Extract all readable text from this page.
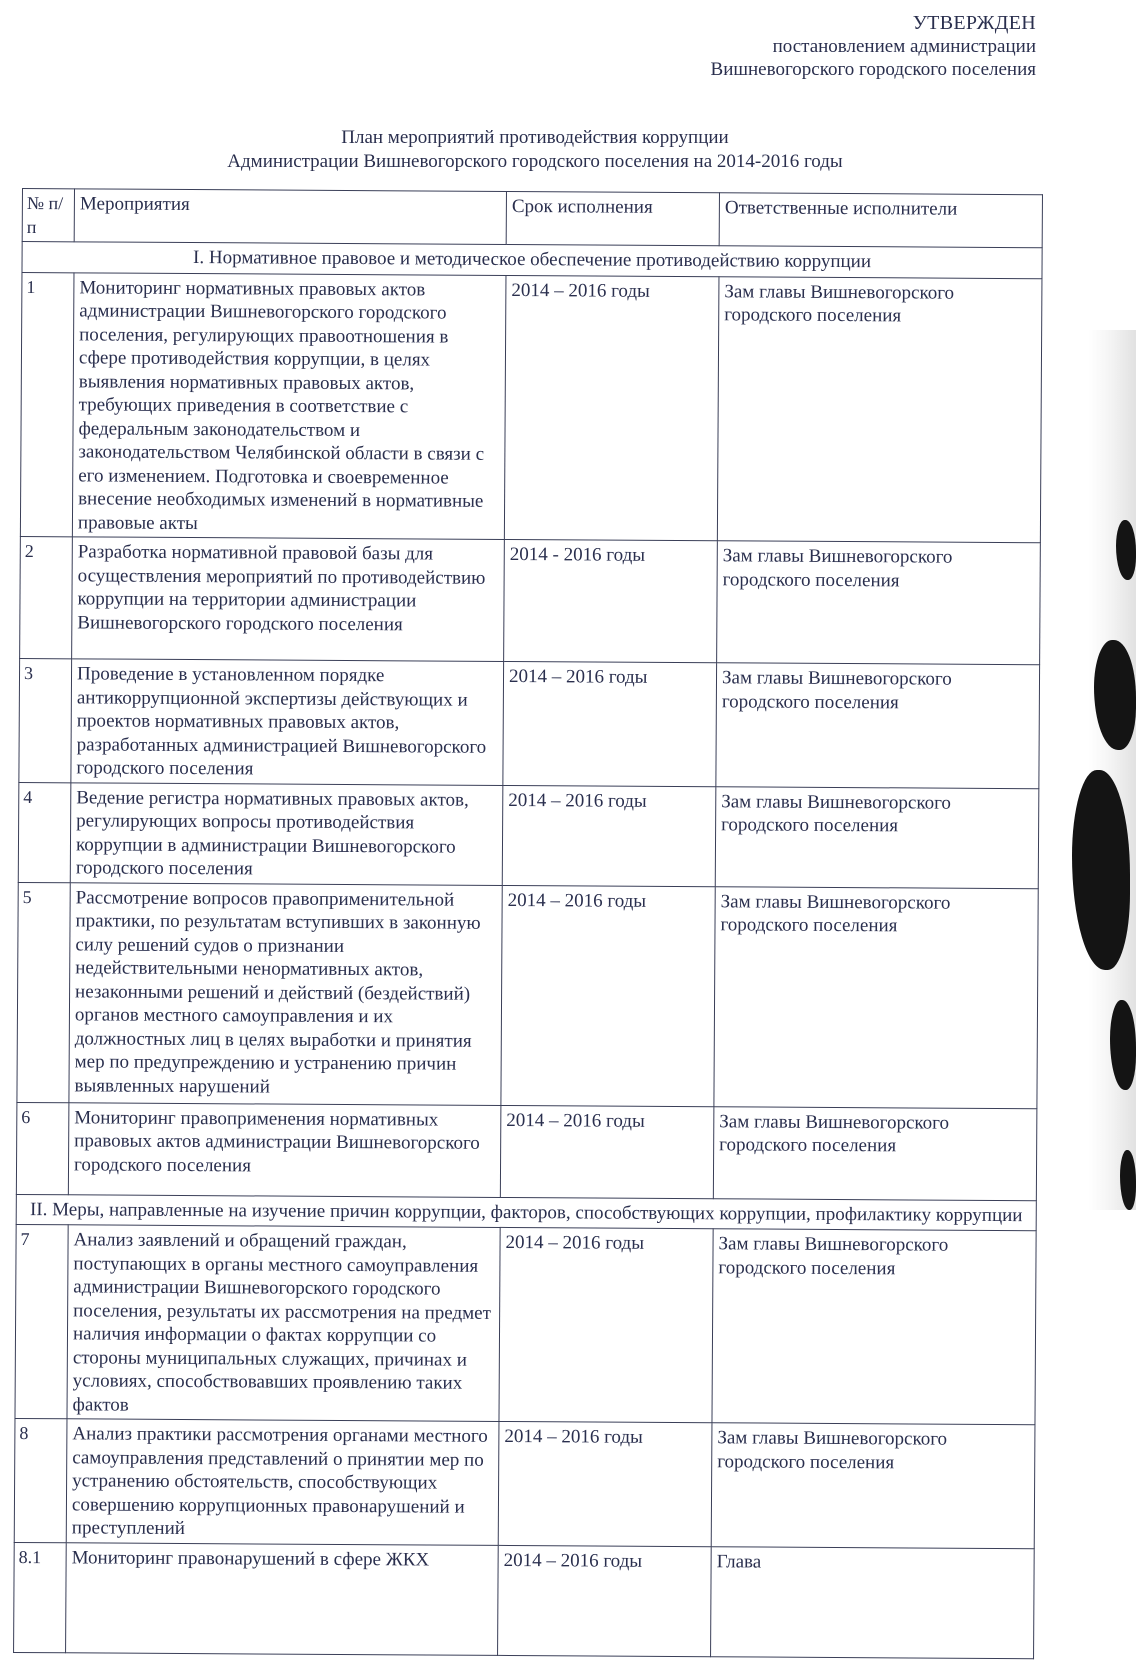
УТВЕРЖДЕН
постановлением администрации
Вишневогорского городского поселения
План мероприятий противодействия коррупции
Администрации Вишневогорского городского поселения на 2014-2016 годы
№ п/п	Мероприятия	Срок исполнения	Ответственные исполнители
I. Нормативное правовое и методическое обеспечение противодействию коррупции			
1	Мониторинг нормативных правовых актов администрации Вишневогорского городского поселения, регулирующих правоотношения в сфере противодействия коррупции, в целях выявления нормативных правовых актов, требующих приведения в соответствие с федеральным законодательством и законодательством Челябинской области в связи с его изменением. Подготовка и своевременное внесение необходимых изменений в нормативные правовые акты	2014 – 2016 годы	Зам главы Вишневогорского городского поселения
2	Разработка нормативной правовой базы для осуществления мероприятий по противодействию коррупции на территории администрации Вишневогорского городского поселения	2014 - 2016 годы	Зам главы Вишневогорского городского поселения
3	Проведение в установленном порядке антикоррупционной экспертизы действующих и проектов нормативных правовых актов, разработанных администрацией Вишневогорского городского поселения	2014 – 2016 годы	Зам главы Вишневогорского городского поселения
4	Ведение регистра нормативных правовых актов, регулирующих вопросы противодействия коррупции в администрации Вишневогорского городского поселения	2014 – 2016 годы	Зам главы Вишневогорского городского поселения
5	Рассмотрение вопросов правоприменительной практики, по результатам вступивших в законную силу решений судов о признании недействительными ненормативных актов, незаконными решений и действий (бездействий) органов местного самоуправления и их должностных лиц в целях выработки и принятия мер по предупреждению и устранению причин выявленных нарушений	2014 – 2016 годы	Зам главы Вишневогорского городского поселения
6	Мониторинг правоприменения нормативных правовых актов администрации Вишневогорского городского поселения	2014 – 2016 годы	Зам главы Вишневогорского городского поселения
II. Меры, направленные на изучение причин коррупции, факторов, способствующих коррупции, профилактику коррупции			
7	Анализ заявлений и обращений граждан, поступающих в органы местного самоуправления администрации Вишневогорского городского поселения, результаты их рассмотрения на предмет наличия информации о фактах коррупции со стороны муниципальных служащих, причинах и условиях, способствовавших проявлению таких фактов	2014 – 2016 годы	Зам главы Вишневогорского городского поселения
8	Анализ практики рассмотрения органами местного самоуправления представлений о принятии мер по устранению обстоятельств, способствующих совершению коррупционных правонарушений и преступлений	2014 – 2016 годы	Зам главы Вишневогорского городского поселения
8.1	Мониторинг правонарушений в сфере ЖКХ	2014 – 2016 годы	Глава
